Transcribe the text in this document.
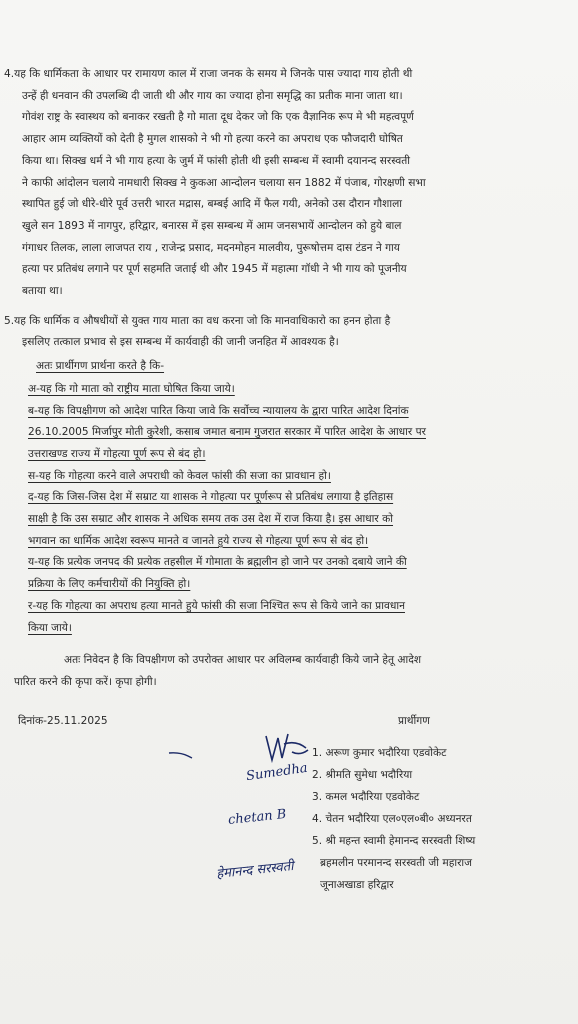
4.यह कि धार्मिकता के आधार पर रामायण काल में राजा जनक के समय मे जिनके पास ज्यादा गाय होती थी
उन्हें ही धनवान की उपलब्धि दी जाती थी और गाय का ज्यादा होना समृद्धि का प्रतीक माना जाता था।
गोवंश राष्ट्र के स्वास्थय को बनाकर रखती है गो माता दूध देकर जो कि एक वैज्ञानिक रूप मे भी महत्वपूर्ण
आहार आम व्यक्तियों को देती है मुगल शासको ने भी गो हत्या करने का अपराध एक फौजदारी घोषित
किया था। सिक्ख धर्म ने भी गाय हत्या के जुर्म में फांसी होती थी इसी सम्बन्ध में स्वामी दयानन्द सरस्वती
ने काफी आंदोलन चलाये नामधारी सिक्ख ने कुकआ आन्दोलन चलाया सन 1882 में पंजाब, गोरक्षणी सभा
स्थापित हुई जो धीरे-धीरे पूर्व उत्तरी भारत मद्रास, बम्बई आदि में फैल गयी, अनेको उस दौरान गौशाला
खुले सन 1893 में नागपुर, हरिद्वार, बनारस में इस सम्बन्ध में आम जनसभायें आन्दोलन को हुये बाल
गंगाधर तिलक, लाला लाजपत राय , राजेन्द्र प्रसाद, मदनमोहन मालवीय, पुरूषोत्तम दास टंडन ने गाय
हत्या पर प्रतिबंध लगाने पर पूर्ण सहमति जताई थी और 1945 में महात्मा गॉधी ने भी गाय को पूजनीय
बताया था।
5.यह कि धार्मिक व औषधीयों से युक्त गाय माता का वध करना जो कि मानवाधिकारो का हनन होता है
इसलिए तत्काल प्रभाव से इस सम्बन्ध में कार्यवाही की जानी जनहित में आवश्यक है।
अतः प्रार्थीगण प्रार्थना करते है कि-
अ-यह कि गो माता को राष्ट्रीय माता घोषित किया जाये।
ब-यह कि विपक्षीगण को आदेश पारित किया जावे कि सर्वोच्च न्यायालय के द्वारा पारित आदेश दिनांक
26.10.2005 मिर्जापुर मोती कुरेशी, कसाब जमात बनाम गुजरात सरकार में पारित आदेश के आधार पर
उत्तराखण्ड राज्य में गोहत्या पूर्ण रूप से बंद हो।
स-यह कि गोहत्या करने वाले अपराधी को केवल फांसी की सजा का प्रावधान हो।
द-यह कि जिस-जिस देश में सम्राट या शासक ने गोहत्या पर पूर्णरूप से प्रतिबंध लगाया है इतिहास
साक्षी है कि उस सम्राट और शासक ने अधिक समय तक उस देश में राज किया है। इस आधार को
भगवान का धार्मिक आदेश स्वरूप मानते व जानते हुये राज्य से गोहत्या पूर्ण रूप से बंद हो।
य-यह कि प्रत्येक जनपद की प्रत्येक तहसील में गोमाता के ब्रह्मलीन हो जाने पर उनको दबाये जाने की
प्रक्रिया के लिए कर्मचारीयों की नियुक्ति हो।
र-यह कि गोहत्या का अपराध हत्या मानते हुये फांसी की सजा निश्चित रूप से किये जाने का प्रावधान
किया जाये।
अतः निवेदन है कि विपक्षीगण को उपरोक्त आधार पर अविलम्ब कार्यवाही किये जाने हेतू आदेश
पारित करने की कृपा करें। कृपा होगी।
दिनांक-25.11.2025	प्रार्थीगण
1. अरूण कुमार भदौरिया एडवोकेट
2. श्रीमति सुमेधा भदौरिया
3. कमल भदौरिया एडवोकेट
4. चेतन भदौरिया एल०एल०बी० अध्यनरत
5. श्री महन्त स्वामी हेमानन्द सरस्वती शिष्य
ब्रहमलीन परमानन्द सरस्वती जी महाराज
जूनाअखाडा हरिद्वार
Sumedha
chetan B
हेमानन्द सरस्वती
